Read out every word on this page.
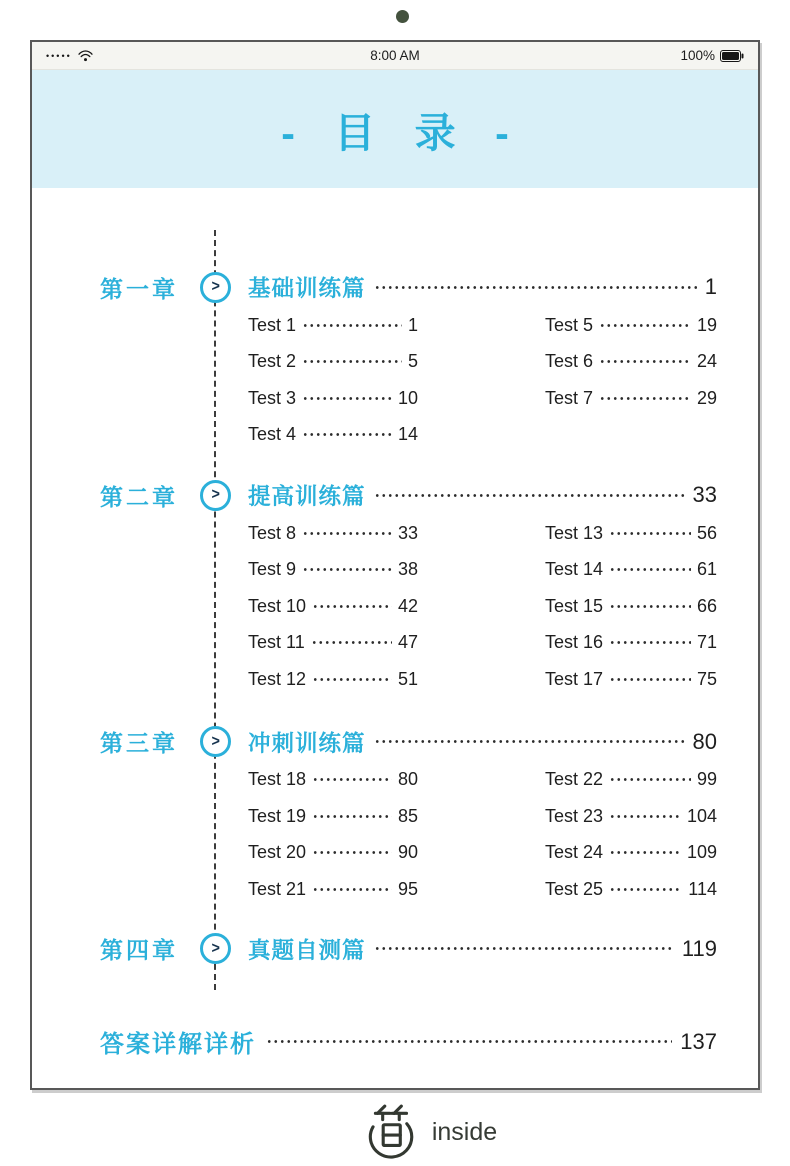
•••••	8:00 AM	100%
- 目 录 -
第一章	> 基础训练篇	1
Test 1	1
Test 2	5
Test 3	10
Test 4	14
Test 5	19
Test 6	24
Test 7	29
第二章	> 提高训练篇	33
Test 8	33
Test 9	38
Test 10	42
Test 11	47
Test 12	51
Test 13	56
Test 14	61
Test 15	66
Test 16	71
Test 17	75
第三章	> 冲刺训练篇	80
Test 18	80
Test 19	85
Test 20	90
Test 21	95
Test 22	99
Test 23	104
Test 24	109
Test 25	114
第四章	> 真题自测篇	119
答案详解详析	137
inside
